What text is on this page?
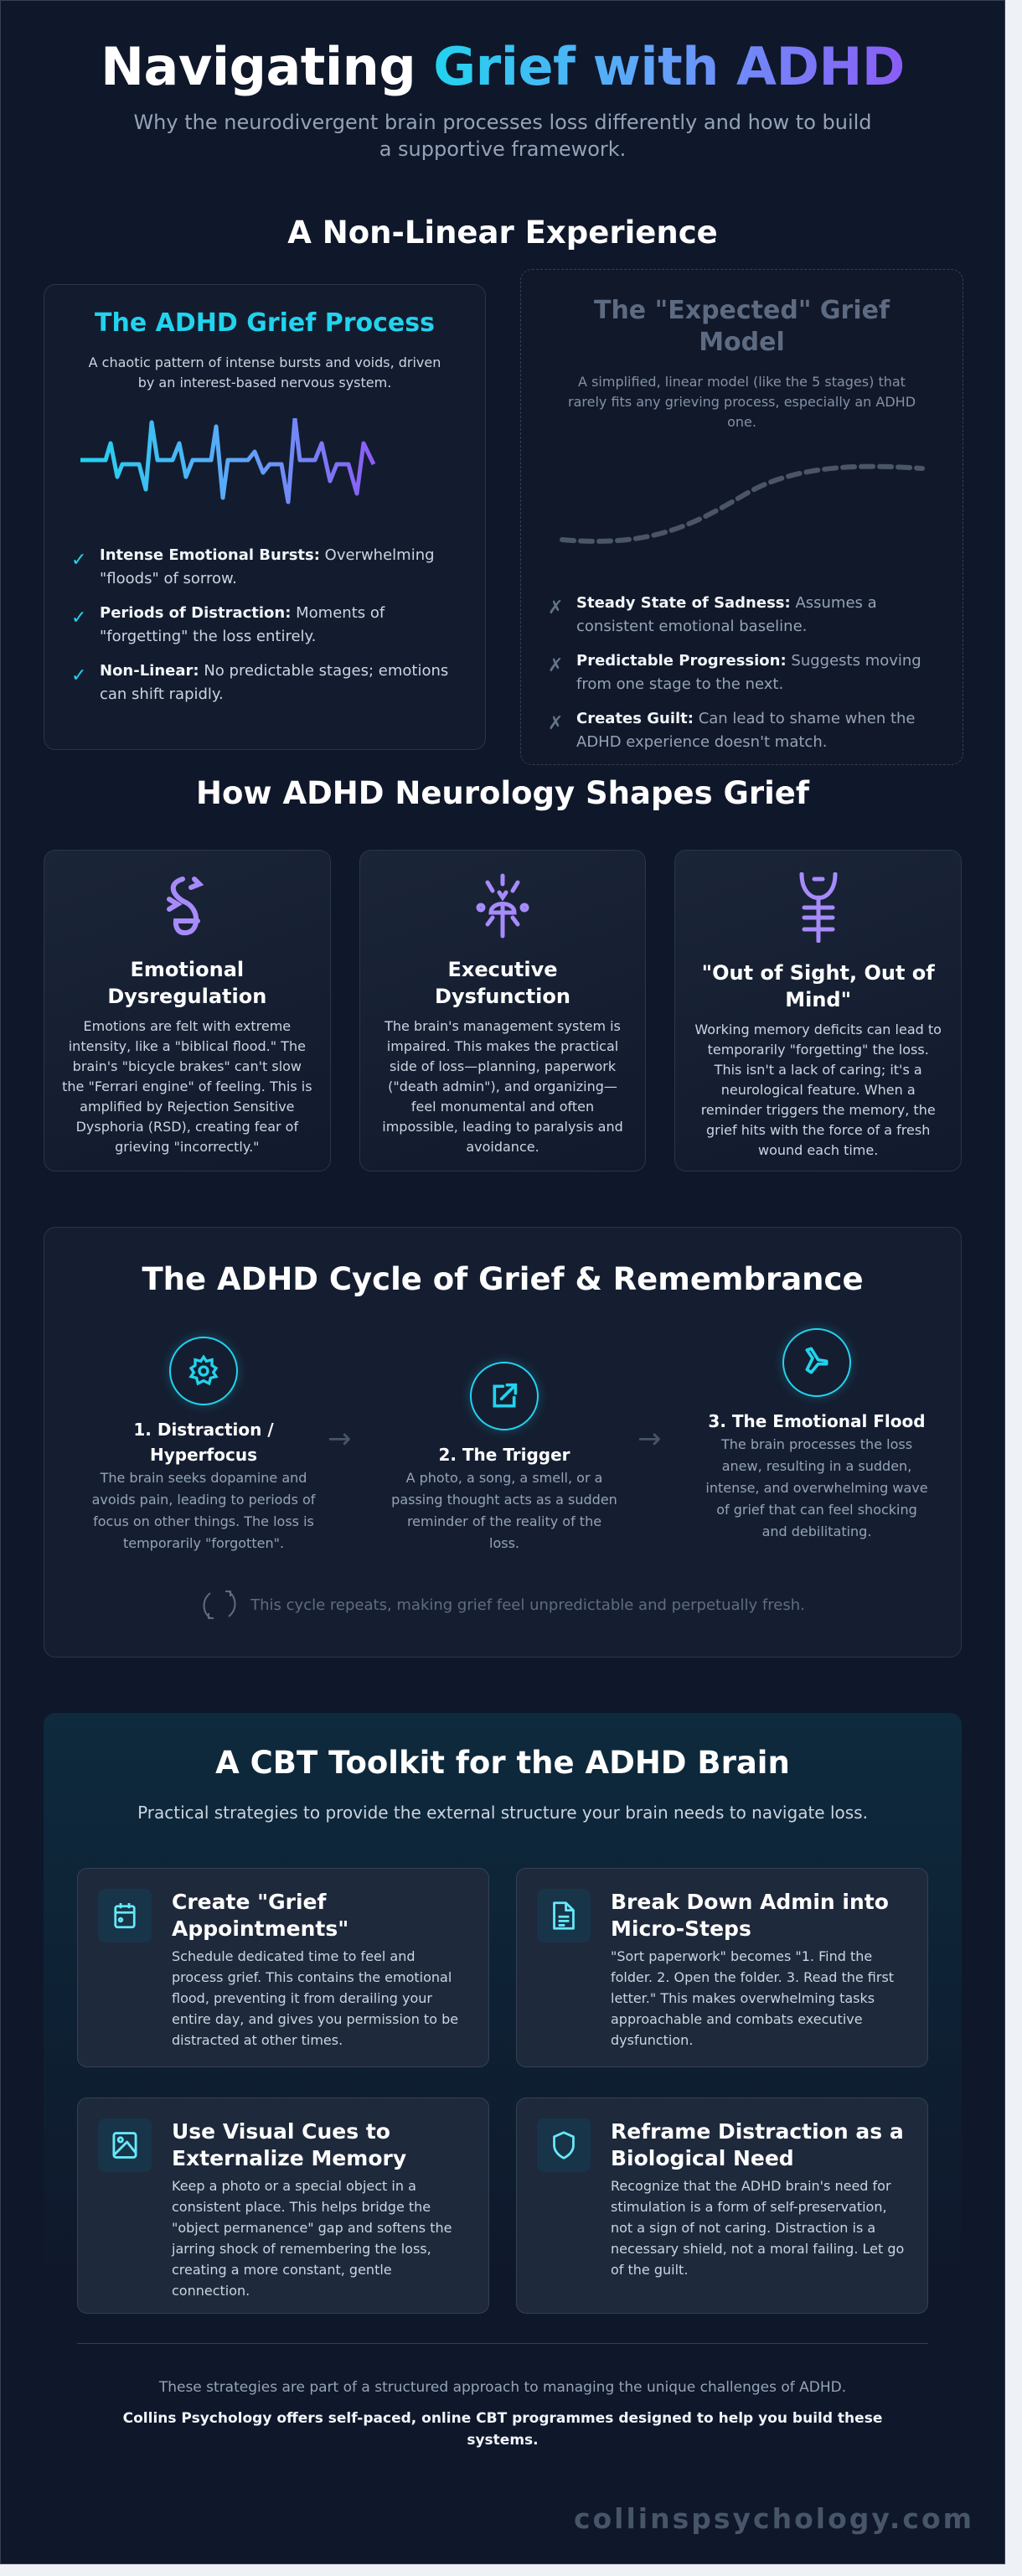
Navigating Grief with ADHD

Why the neurodivergent brain processes loss differently and how to build a supportive framework.

A Non-Linear Experience
The ADHD Grief Process
A chaotic pattern of intense bursts and voids, driven by an interest-based nervous system.
✓ Intense Emotional Bursts: Overwhelming "floods" of sorrow.
✓ Periods of Distraction: Moments of "forgetting" the loss entirely.
✓ Non-Linear: No predictable stages; emotions can shift rapidly.
The "Expected" Grief Model
A simplified, linear model (like the 5 stages) that rarely fits any grieving process, especially an ADHD one.
✗ Steady State of Sadness: Assumes a consistent emotional baseline.
✗ Predictable Progression: Suggests moving from one stage to the next.
✗ Creates Guilt: Can lead to shame when the ADHD experience doesn't match.
How ADHD Neurology Shapes Grief
Emotional Dysregulation

Emotions are felt with extreme intensity, like a "biblical flood." The brain's "bicycle brakes" can't slow the "Ferrari engine" of feeling. This is amplified by Rejection Sensitive Dysphoria (RSD), creating fear of grieving "incorrectly."

Executive Dysfunction

The brain's management system is impaired. This makes the practical side of loss—planning, paperwork ("death admin"), and organizing—feel monumental and often impossible, leading to paralysis and avoidance.

"Out of Sight, Out of Mind"

Working memory deficits can lead to temporarily "forgetting" the loss. This isn't a lack of caring; it's a neurological feature. When a reminder triggers the memory, the grief hits with the force of a fresh wound each time.

The ADHD Cycle of Grief & Remembrance
1. Distraction / Hyperfocus

The brain seeks dopamine and avoids pain, leading to periods of focus on other things. The loss is temporarily "forgotten".

→	2. The Trigger

A photo, a song, a smell, or a passing thought acts as a sudden reminder of the reality of the loss.

→
3. The Emotional Flood

The brain processes the loss anew, resulting in a sudden, intense, and overwhelming wave of grief that can feel shocking and debilitating.

This cycle repeats, making grief feel unpredictable and perpetually fresh.
A CBT Toolkit for the ADHD Brain
Practical strategies to provide the external structure your brain needs to navigate loss.
Create "Grief Appointments"

Schedule dedicated time to feel and process grief. This contains the emotional flood, preventing it from derailing your entire day, and gives you permission to be distracted at other times.

Break Down Admin into Micro-Steps

"Sort paperwork" becomes "1. Find the folder. 2. Open the folder. 3. Read the first letter." This makes overwhelming tasks approachable and combats executive dysfunction.

Use Visual Cues to Externalize Memory

Keep a photo or a special object in a consistent place. This helps bridge the "object permanence" gap and softens the jarring shock of remembering the loss, creating a more constant, gentle connection.

Reframe Distraction as a Biological Need

Recognize that the ADHD brain's need for stimulation is a form of self-preservation, not a sign of not caring. Distraction is a necessary shield, not a moral failing. Let go of the guilt.

These strategies are part of a structured approach to managing the unique challenges of ADHD.
Collins Psychology offers self-paced, online CBT programmes designed to help you build these systems.
collinspsychology.com
